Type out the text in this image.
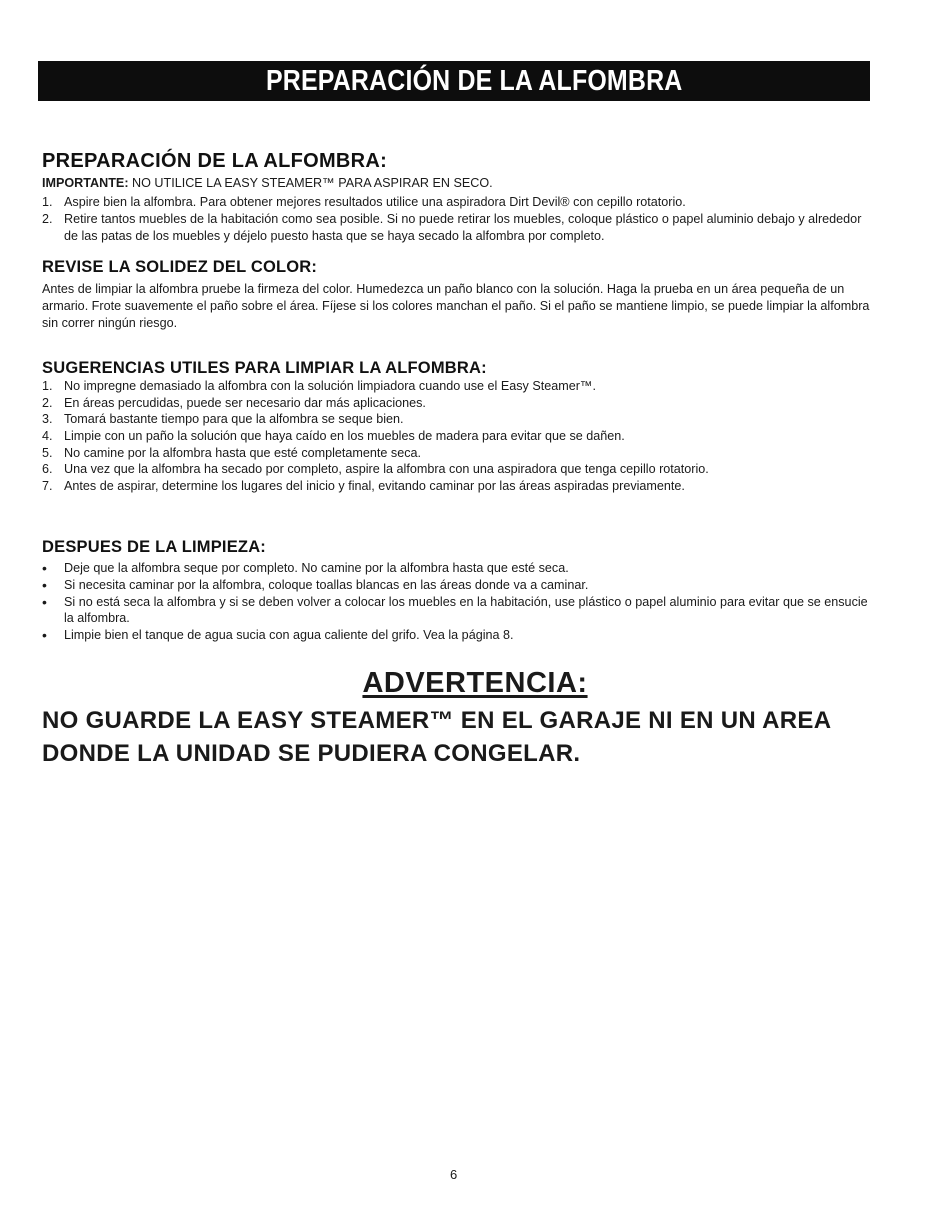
PREPARACIÓN DE LA ALFOMBRA
PREPARACIÓN DE LA ALFOMBRA:

IMPORTANTE: NO UTILICE LA EASY STEAMER™ PARA ASPIRAR EN SECO.

1. Aspire bien la alfombra. Para obtener mejores resultados utilice una aspiradora Dirt Devil® con cepillo rotatorio.
2. Retire tantos muebles de la habitación como sea posible. Si no puede retirar los muebles, coloque plástico o papel aluminio debajo y alrededor de las patas de los muebles y déjelo puesto hasta que se haya secado la alfombra por completo.
REVISE LA SOLIDEZ DEL COLOR:

Antes de limpiar la alfombra pruebe la firmeza del color. Humedezca un paño blanco con la solución. Haga la prueba en un área pequeña de un armario. Frote suavemente el paño sobre el área. Fíjese si los colores manchan el paño. Si el paño se mantiene limpio, se puede limpiar la alfombra sin correr ningún riesgo.

SUGERENCIAS UTILES PARA LIMPIAR LA ALFOMBRA:
1. No impregne demasiado la alfombra con la solución limpiadora cuando use el Easy Steamer™.
2. En áreas percudidas, puede ser necesario dar más aplicaciones.
3. Tomará bastante tiempo para que la alfombra se seque bien.
4. Limpie con un paño la solución que haya caído en los muebles de madera para evitar que se dañen.
5. No camine por la alfombra hasta que esté completamente seca.
6. Una vez que la alfombra ha secado por completo, aspire la alfombra con una aspiradora que tenga cepillo rotatorio.
7. Antes de aspirar, determine los lugares del inicio y final, evitando caminar por las áreas aspiradas previamente.
DESPUES DE LA LIMPIEZA:
• Deje que la alfombra seque por completo. No camine por la alfombra hasta que esté seca.
• Si necesita caminar por la alfombra, coloque toallas blancas en las áreas donde va a caminar.
• Si no está seca la alfombra y si se deben volver a colocar los muebles en la habitación, use plástico o papel aluminio para evitar que se ensucie la alfombra.
• Limpie bien el tanque de agua sucia con agua caliente del grifo. Vea la página 8.
ADVERTENCIA:

NO GUARDE LA EASY STEAMER™ EN EL GARAJE NI EN UN AREA DONDE LA UNIDAD SE PUDIERA CONGELAR.

6
